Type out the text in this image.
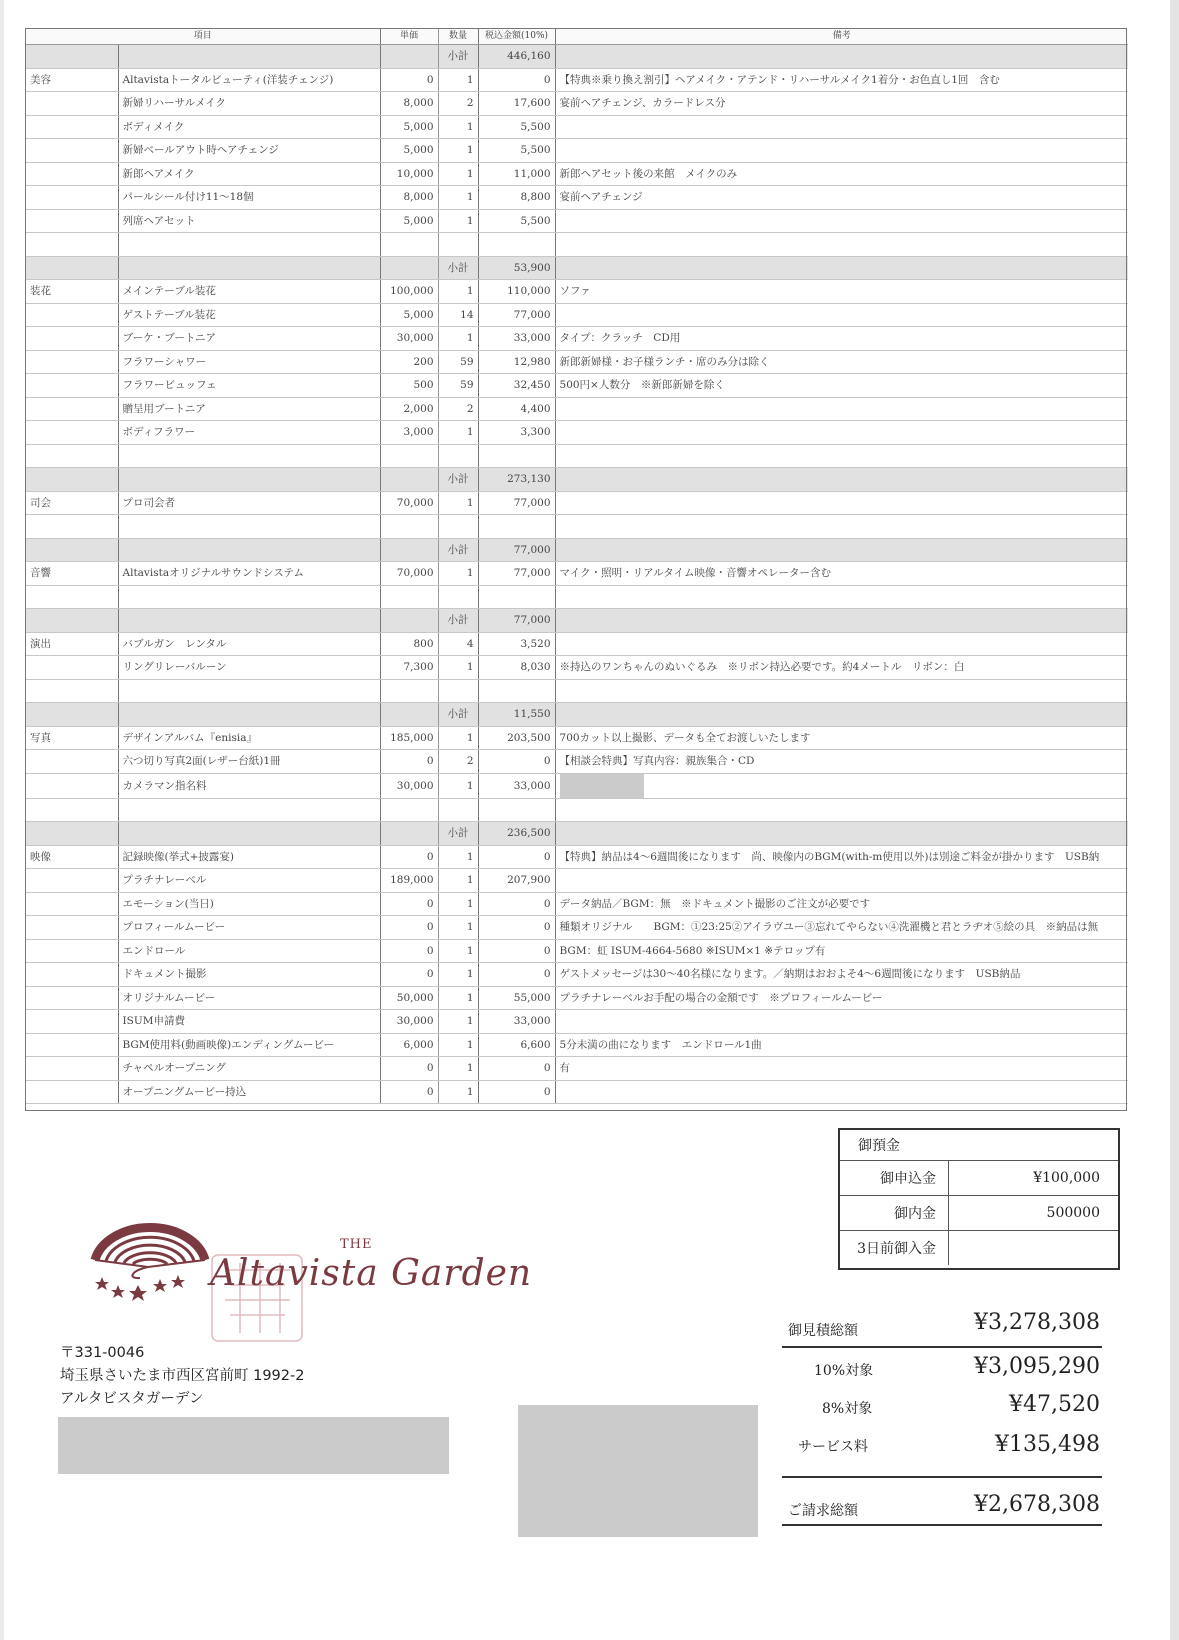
項目		単価	数量	税込金額(10%)	備考
			小計	446,160	
美容	Altavistaトータルビューティ(洋装チェンジ)	0	1	0	【特典※乗り換え割引】ヘアメイク・アテンド・リハーサルメイク1着分・お色直し1回　含む
	新婦リハーサルメイク	8,000	2	17,600	宴前ヘアチェンジ、カラードレス分
	ボディメイク	5,000	1	5,500	
	新婦ベールアウト時ヘアチェンジ	5,000	1	5,500	
	新郎ヘアメイク	10,000	1	11,000	新郎ヘアセット後の来館　メイクのみ
	パールシール付け11～18個	8,000	1	8,800	宴前ヘアチェンジ
	列席ヘアセット	5,000	1	5,500	

			小計	53,900	
装花	メインテーブル装花	100,000	1	110,000	ソファ
	ゲストテーブル装花	5,000	14	77,000	
	ブーケ・ブートニア	30,000	1	33,000	タイプ：クラッチ　CD用
	フラワーシャワー	200	59	12,980	新郎新婦様・お子様ランチ・席のみ分は除く
	フラワービュッフェ	500	59	32,450	500円×人数分　※新郎新婦を除く
	贈呈用ブートニア	2,000	2	4,400	
	ボディフラワー	3,000	1	3,300	

			小計	273,130	
司会	プロ司会者	70,000	1	77,000	

			小計	77,000	
音響	Altavistaオリジナルサウンドシステム	70,000	1	77,000	マイク・照明・リアルタイム映像・音響オペレーター含む

			小計	77,000	
演出	バブルガン　レンタル	800	4	3,520	
	リングリレーバルーン	7,300	1	8,030	※持込のワンちゃんのぬいぐるみ　※リボン持込必要です。約4メートル　リボン：白

			小計	11,550	
写真	デザインアルバム『enisia』	185,000	1	203,500	700カット以上撮影、データも全てお渡しいたします
	六つ切り写真2面(レザー台紙)1冊	0	2	0	【相談会特典】写真内容：親族集合・CD
	カメラマン指名料	30,000	1	33,000	

			小計	236,500	
映像	記録映像(挙式+披露宴)	0	1	0	【特典】納品は4～6週間後になります　尚、映像内のBGM(with-m使用以外)は別途ご料金が掛かります　USB納
	プラチナレーベル	189,000	1	207,900	
	エモーション(当日)	0	1	0	データ納品／BGM：無　※ドキュメント撮影のご注文が必要です
	プロフィールムービー	0	1	0	種類オリジナル　　BGM：①23:25②アイラヴユー③忘れてやらない④洗濯機と君とラヂオ⑤絵の具　※納品は無
	エンドロール	0	1	0	BGM：虹 ISUM-4664-5680 ※ISUM×1 ※テロップ有
	ドキュメント撮影	0	1	0	ゲストメッセージは30～40名様になります。／納期はおおよそ4～6週間後になります　USB納品
	オリジナルムービー	50,000	1	55,000	プラチナレーベルお手配の場合の金額です　※プロフィールムービー
	ISUM申請費	30,000	1	33,000	
	BGM使用料(動画映像)エンディングムービー	6,000	1	6,600	5分未満の曲になります　エンドロール1曲
	チャペルオープニング	0	1	0	有
	オープニングムービー持込	0	1	0	
御預金	
御申込金	¥100,000
御内金	500000
3日前御入金	
御見積総額	¥3,278,308
10%対象	¥3,095,290
8%対象	¥47,520
サービス料	¥135,498
ご請求総額	¥2,678,308
THE
Altavista Garden
〒331-0046
埼玉県さいたま市西区宮前町 1992-2
アルタビスタガーデン
